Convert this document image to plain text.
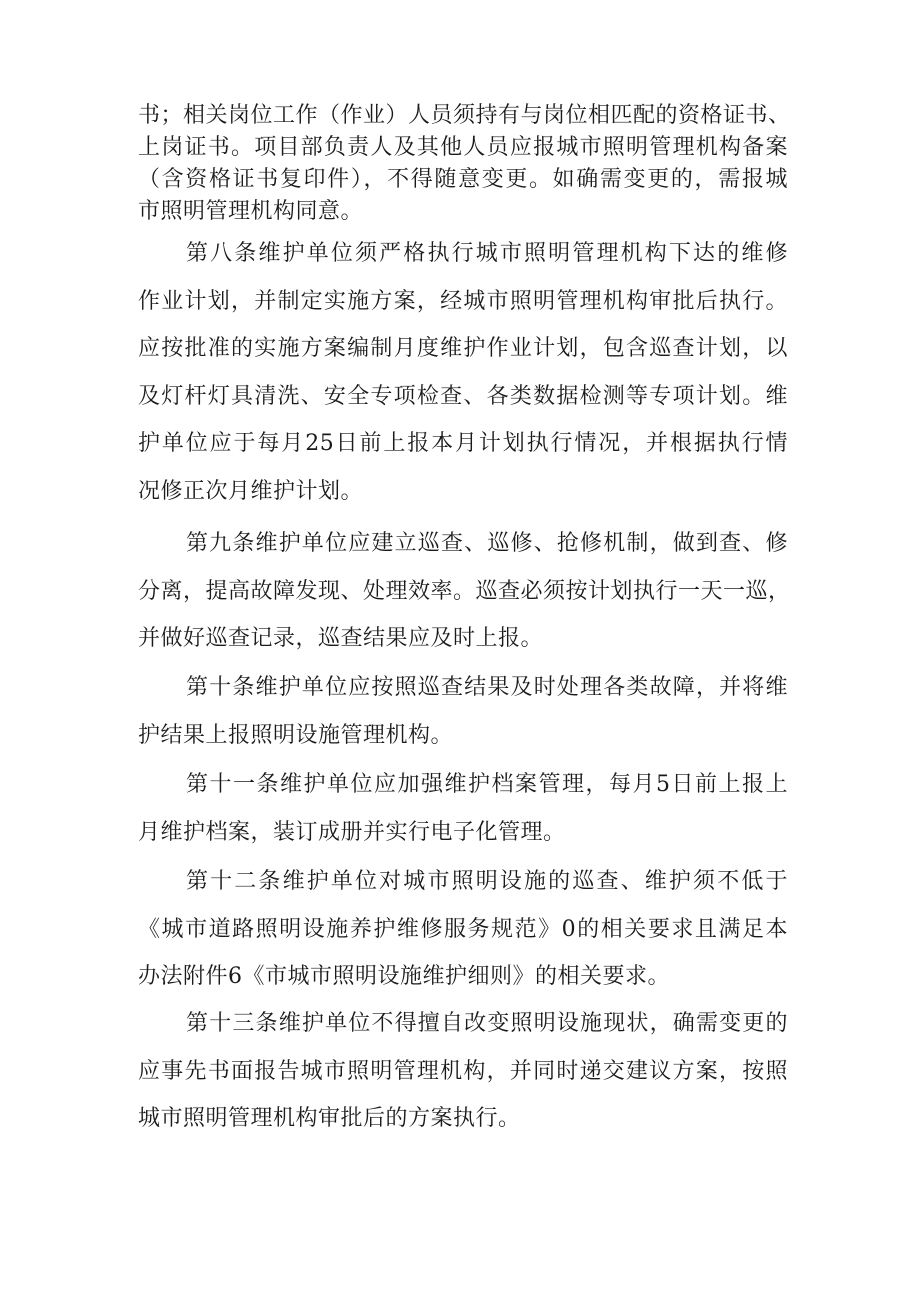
书；相关岗位工作（作业）人员须持有与岗位相匹配的资格证书、
上岗证书。项目部负责人及其他人员应报城市照明管理机构备案
（含资格证书复印件），不得随意变更。如确需变更的，需报城
市照明管理机构同意。

第八条维护单位须严格执行城市照明管理机构下达的维修
作业计划，并制定实施方案，经城市照明管理机构审批后执行。
应按批准的实施方案编制月度维护作业计划，包含巡查计划，以
及灯杆灯具清洗、安全专项检查、各类数据检测等专项计划。维
护单位应于每月25日前上报本月计划执行情况，并根据执行情
况修正次月维护计划。

第九条维护单位应建立巡查、巡修、抢修机制，做到查、修
分离，提高故障发现、处理效率。巡查必须按计划执行一天一巡，
并做好巡查记录，巡查结果应及时上报。

第十条维护单位应按照巡查结果及时处理各类故障，并将维
护结果上报照明设施管理机构。

第十一条维护单位应加强维护档案管理，每月5日前上报上
月维护档案，装订成册并实行电子化管理。

第十二条维护单位对城市照明设施的巡查、维护须不低于
《城市道路照明设施养护维修服务规范》0的相关要求且满足本
办法附件6《市城市照明设施维护细则》的相关要求。

第十三条维护单位不得擅自改变照明设施现状，确需变更的
应事先书面报告城市照明管理机构，并同时递交建议方案，按照
城市照明管理机构审批后的方案执行。
